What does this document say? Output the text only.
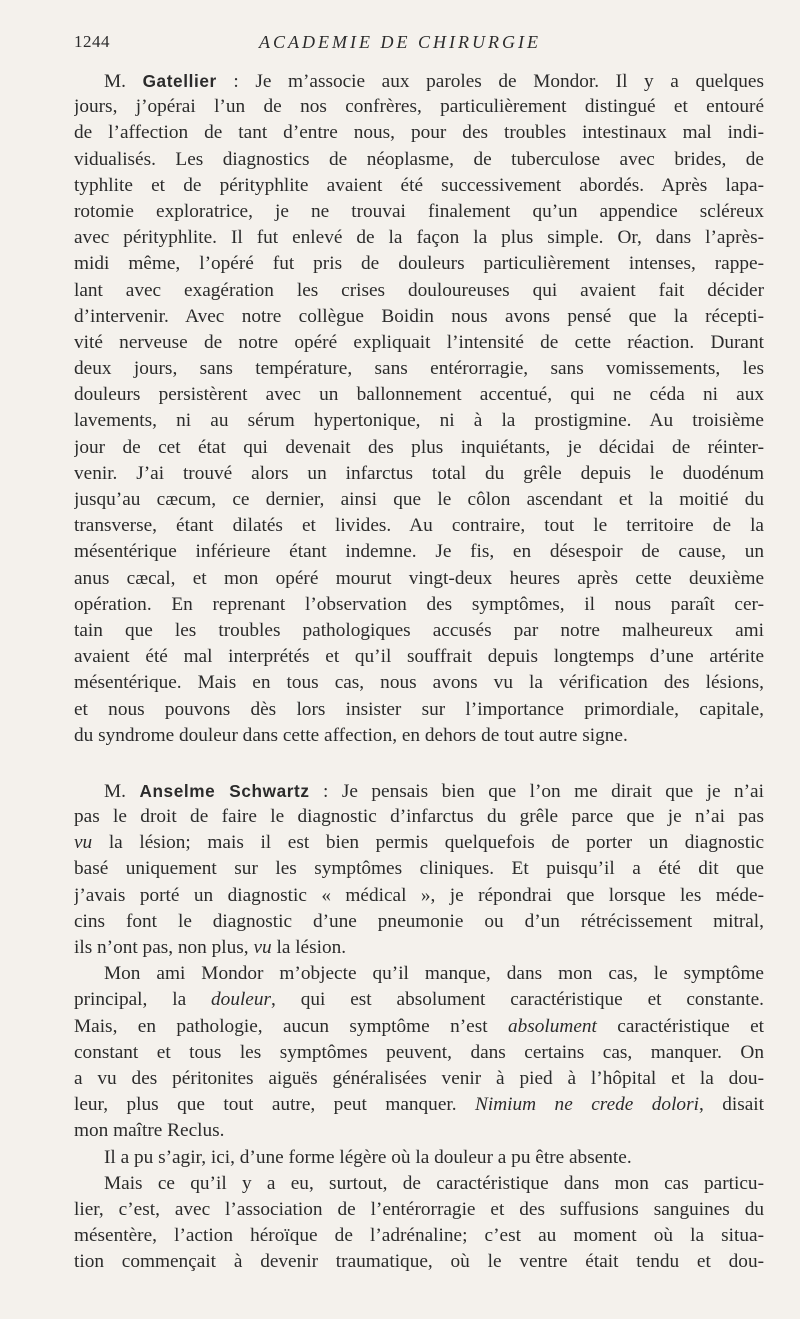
1244	ACADEMIE DE CHIRURGIE
M. Gatellier : Je m’associe aux paroles de Mondor. Il y a quelques
jours, j’opérai l’un de nos confrères, particulièrement distingué et entouré
de l’affection de tant d’entre nous, pour des troubles intestinaux mal indi-
vidualisés. Les diagnostics de néoplasme, de tuberculose avec brides, de
typhlite et de pérityphlite avaient été successivement abordés. Après lapa-
rotomie exploratrice, je ne trouvai finalement qu’un appendice scléreux
avec pérityphlite. Il fut enlevé de la façon la plus simple. Or, dans l’après-
midi même, l’opéré fut pris de douleurs particulièrement intenses, rappe-
lant avec exagération les crises douloureuses qui avaient fait décider
d’intervenir. Avec notre collègue Boidin nous avons pensé que la récepti-
vité nerveuse de notre opéré expliquait l’intensité de cette réaction. Durant
deux jours, sans température, sans entérorragie, sans vomissements, les
douleurs persistèrent avec un ballonnement accentué, qui ne céda ni aux
lavements, ni au sérum hypertonique, ni à la prostigmine. Au troisième
jour de cet état qui devenait des plus inquiétants, je décidai de réinter-
venir. J’ai trouvé alors un infarctus total du grêle depuis le duodénum
jusqu’au cæcum, ce dernier, ainsi que le côlon ascendant et la moitié du
transverse, étant dilatés et livides. Au contraire, tout le territoire de la
mésentérique inférieure étant indemne. Je fis, en désespoir de cause, un
anus cæcal, et mon opéré mourut vingt-deux heures après cette deuxième
opération. En reprenant l’observation des symptômes, il nous paraît cer-
tain que les troubles pathologiques accusés par notre malheureux ami
avaient été mal interprétés et qu’il souffrait depuis longtemps d’une artérite
mésentérique. Mais en tous cas, nous avons vu la vérification des lésions,
et nous pouvons dès lors insister sur l’importance primordiale, capitale,
du syndrome douleur dans cette affection, en dehors de tout autre signe.
M. Anselme Schwartz : Je pensais bien que l’on me dirait que je n’ai
pas le droit de faire le diagnostic d’infarctus du grêle parce que je n’ai pas
vu la lésion; mais il est bien permis quelquefois de porter un diagnostic
basé uniquement sur les symptômes cliniques. Et puisqu’il a été dit que
j’avais porté un diagnostic « médical », je répondrai que lorsque les méde-
cins font le diagnostic d’une pneumonie ou d’un rétrécissement mitral,
ils n’ont pas, non plus, vu la lésion.
Mon ami Mondor m’objecte qu’il manque, dans mon cas, le symptôme
principal, la douleur, qui est absolument caractéristique et constante.
Mais, en pathologie, aucun symptôme n’est absolument caractéristique et
constant et tous les symptômes peuvent, dans certains cas, manquer. On
a vu des péritonites aiguës généralisées venir à pied à l’hôpital et la dou-
leur, plus que tout autre, peut manquer. Nimium ne crede dolori, disait
mon maître Reclus.
Il a pu s’agir, ici, d’une forme légère où la douleur a pu être absente.
Mais ce qu’il y a eu, surtout, de caractéristique dans mon cas particu-
lier, c’est, avec l’association de l’entérorragie et des suffusions sanguines du
mésentère, l’action héroïque de l’adrénaline; c’est au moment où la situa-
tion commençait à devenir traumatique, où le ventre était tendu et dou-
